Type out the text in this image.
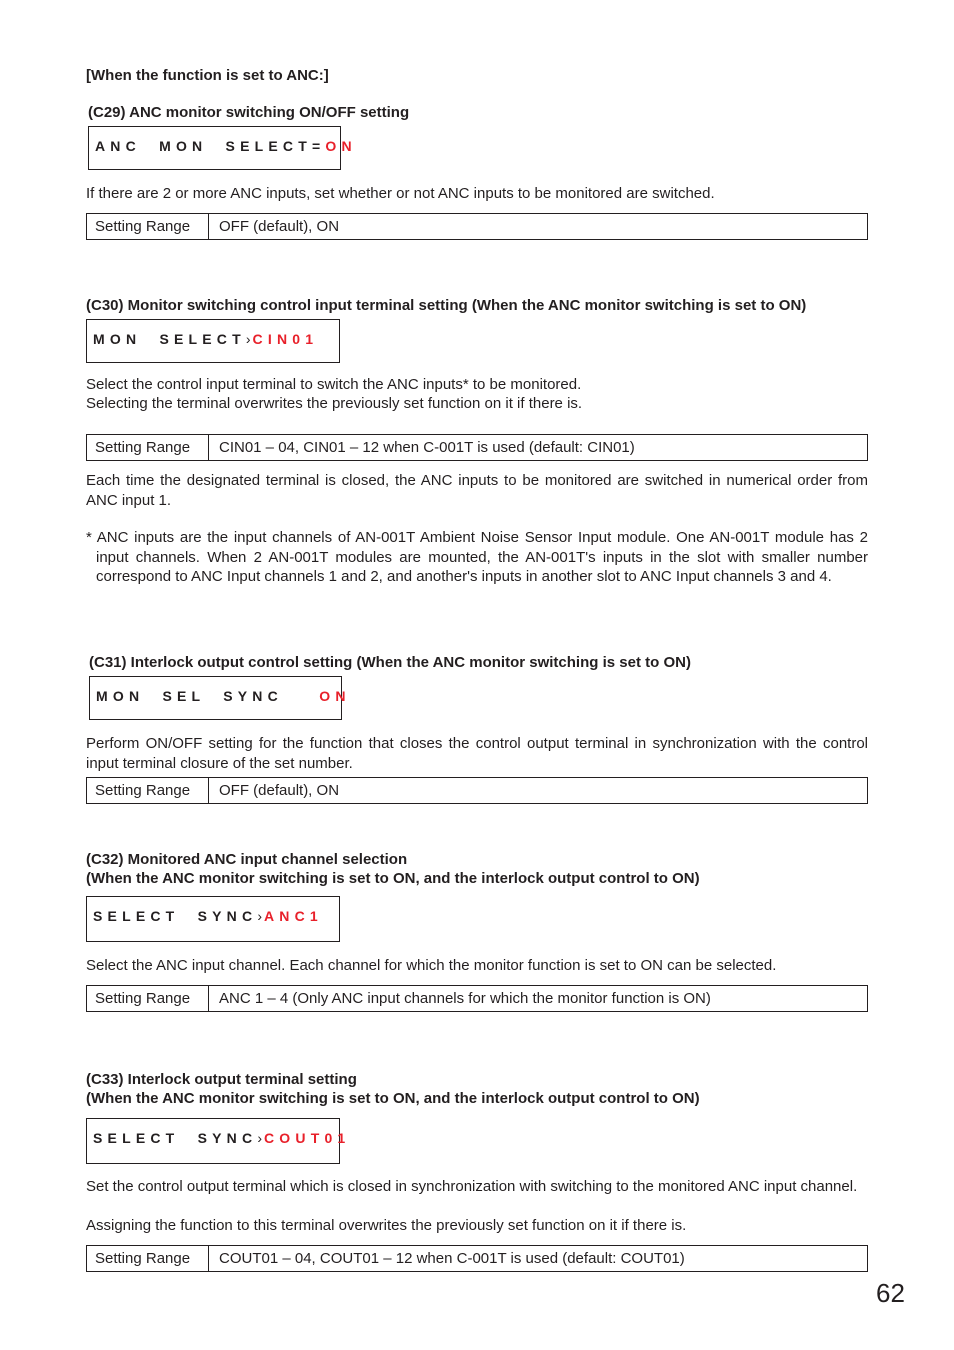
[When the function is set to ANC:]
(C29) ANC monitor switching ON/OFF setting
ANC  MON  SELECT=ON
If there are 2 or more ANC inputs, set whether or not ANC inputs to be monitored are switched.
Setting Range	OFF (default), ON
(C30) Monitor switching control input terminal setting (When the ANC monitor switching is set to ON)
MON  SELECT›CIN01
Select the control input terminal to switch the ANC inputs* to be monitored.
Selecting the terminal overwrites the previously set function on it if there is.
Setting Range	CIN01 – 04, CIN01 – 12 when C-001T is used (default: CIN01)
Each time the designated terminal is closed, the ANC inputs to be monitored are switched in numerical order from ANC input 1.
* ANC inputs are the input channels of AN-001T Ambient Noise Sensor Input module. One AN-001T module has 2 input channels. When 2 AN-001T modules are mounted, the AN-001T's inputs in the slot with smaller number correspond to ANC Input channels 1 and 2, and another's inputs in another slot to ANC Input channels 3 and 4.
(C31) Interlock output control setting (When the ANC monitor switching is set to ON)
MON  SEL  SYNC    ON
Perform ON/OFF setting for the function that closes the control output terminal in synchronization with the control input terminal closure of the set number.
Setting Range	OFF (default), ON
(C32) Monitored ANC input channel selection
(When the ANC monitor switching is set to ON, and the interlock output control to ON)
SELECT  SYNC›ANC1
Select the ANC input channel. Each channel for which the monitor function is set to ON can be selected.
Setting Range	ANC 1 – 4 (Only ANC input channels for which the monitor function is ON)
(C33) Interlock output terminal setting
(When the ANC monitor switching is set to ON, and the interlock output control to ON)
SELECT  SYNC›COUT01
Set the control output terminal which is closed in synchronization with switching to the monitored ANC input channel.
Assigning the function to this terminal overwrites the previously set function on it if there is.
Setting Range	COUT01 – 04, COUT01 – 12 when C-001T is used (default: COUT01)
62
